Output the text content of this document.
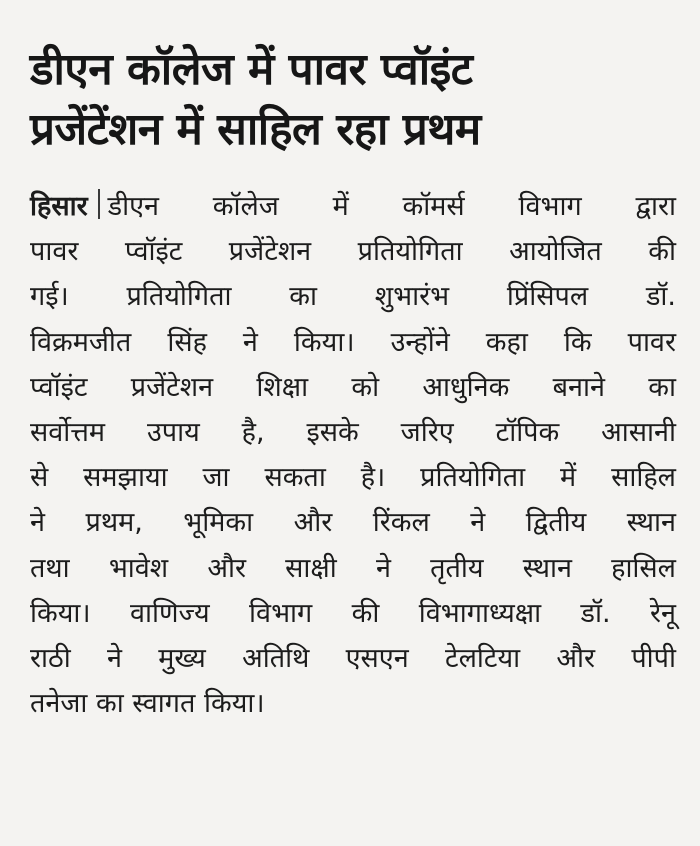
डीएन कॉलेज में पावर प्वॉइंट
प्रजेंटेंशन में साहिल रहा प्रथम
हिसार डीएन कॉलेज में कॉमर्स विभाग द्वारा
पावर प्वॉइंट प्रजेंटेशन प्रतियोगिता आयोजित की
गई। प्रतियोगिता का शुभारंभ प्रिंसिपल डॉ.
विक्रमजीत सिंह ने किया। उन्होंने कहा कि पावर
प्वॉइंट प्रजेंटेशन शिक्षा को आधुनिक बनाने का
सर्वोत्तम उपाय है, इसके जरिए टॉपिक आसानी
से समझाया जा सकता है। प्रतियोगिता में साहिल
ने प्रथम, भूमिका और रिंकल ने द्वितीय स्थान
तथा भावेश और साक्षी ने तृतीय स्थान हासिल
किया। वाणिज्य विभाग की विभागाध्यक्षा डॉ. रेनू
राठी ने मुख्य अतिथि एसएन टेलटिया और पीपी
तनेजा का स्वागत किया।
